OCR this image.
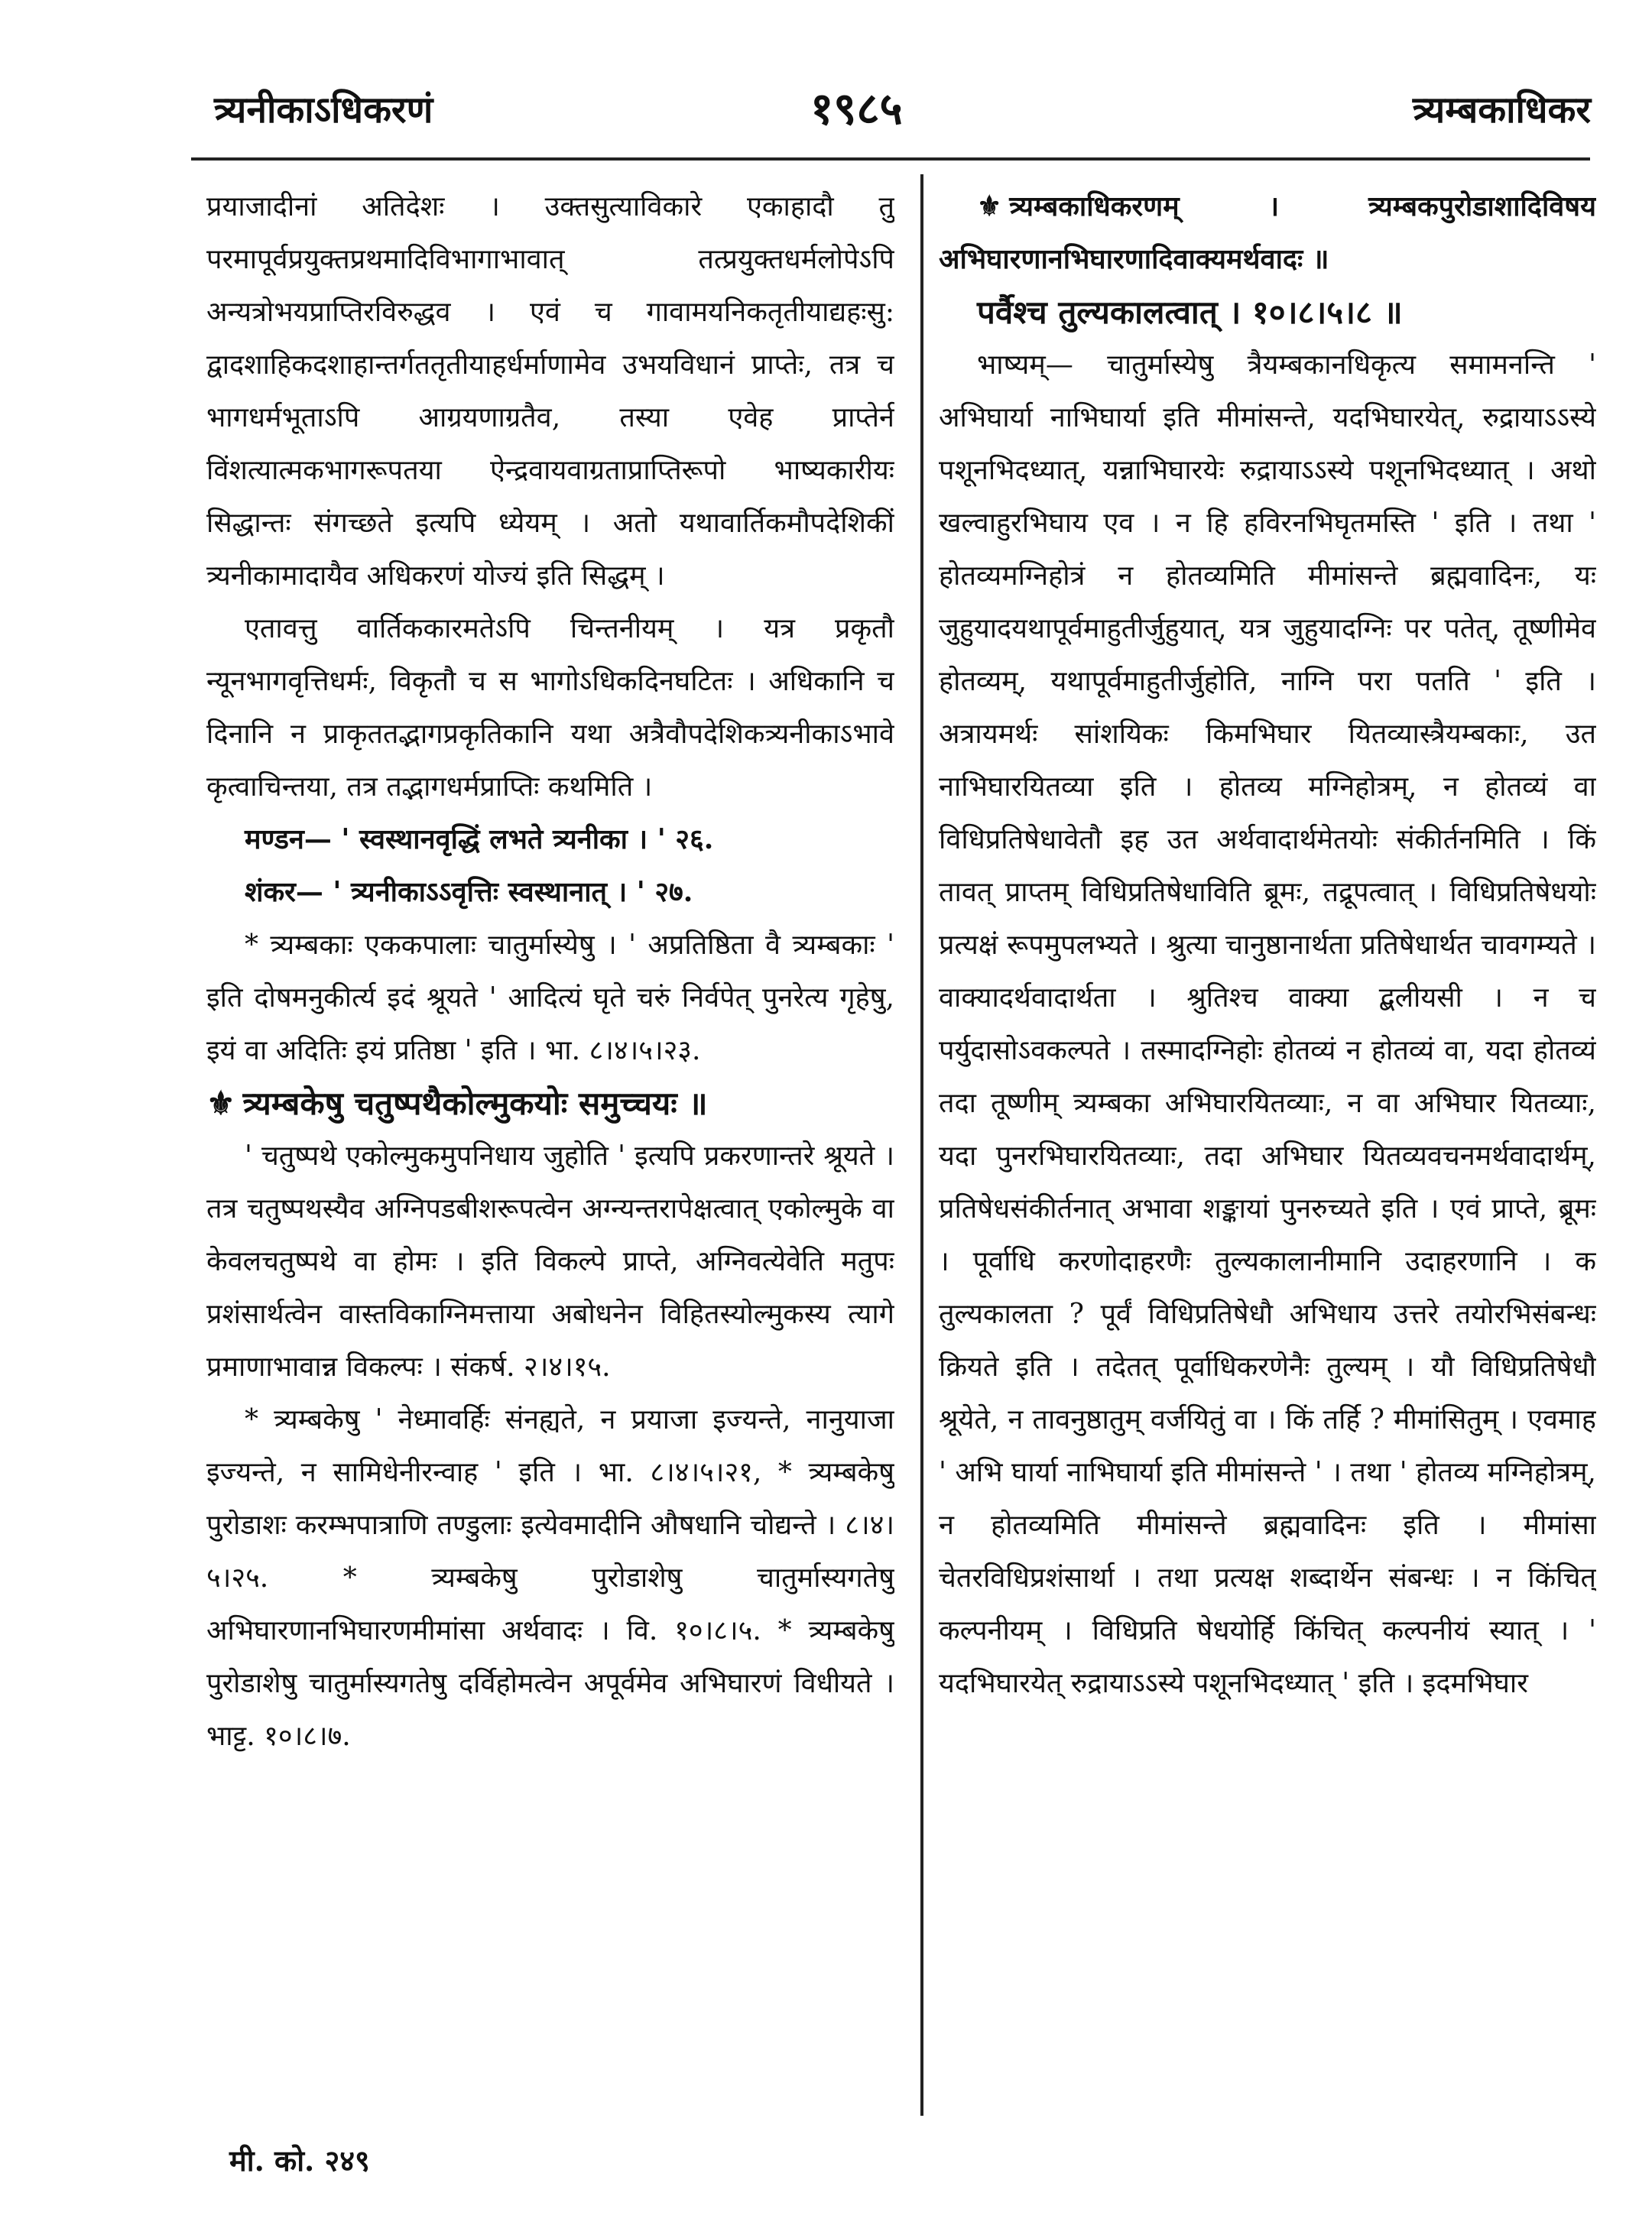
त्र्यनीकाऽधिकरणं	१९८५	त्र्यम्बकाधिकर

प्रयाजादीनां अतिदेशः । उक्तसुत्याविकारे एकाहादौ तु परमापूर्वप्रयुक्तप्रथमादिविभागाभावात् तत्प्रयुक्तधर्मलोपेऽपि अन्यत्रोभयप्राप्तिरविरुद्धव । एवं च गावामयनिकतृतीयाद्यहःसु: द्वादशाहिकदशाहान्तर्गततृतीयाहर्धर्माणामेव उभयविधानं प्राप्तेः, तत्र च भागधर्मभूताऽपि आग्रयणाग्रतैव, तस्या एवेह प्राप्तेर्न विंशत्यात्मकभागरूपतया ऐन्द्रवायवाग्रताप्राप्तिरूपो भाष्यकारीयः सिद्धान्तः संगच्छते इत्यपि ध्येयम् । अतो यथावार्तिकमौपदेशिकीं त्र्यनीकामादायैव अधिकरणं योज्यं इति सिद्धम् ।

एतावत्तु वार्तिककारमतेऽपि चिन्तनीयम् । यत्र प्रकृतौ न्यूनभागवृत्तिधर्मः, विकृतौ च स भागोऽधिकदिनघटितः । अधिकानि च दिनानि न प्राकृततद्भागप्रकृतिकानि यथा अत्रैवौपदेशिकत्र्यनीकाऽभावे कृत्वाचिन्तया, तत्र तद्भागधर्मप्राप्तिः कथमिति ।

मण्डन— ' स्वस्थानवृद्धिं लभते त्र्यनीका । ' २६.

शंकर— ' त्र्यनीकाऽऽवृत्तिः स्वस्थानात् । ' २७.

* त्र्यम्बकाः एककपालाः चातुर्मास्येषु । ' अप्रतिष्ठिता वै त्र्यम्बकाः ' इति दोषमनुकीर्त्य इदं श्रूयते ' आदित्यं घृते चरुं निर्वपेत् पुनरेत्य गृहेषु, इयं वा अदितिः इयं प्रतिष्ठा ' इति । भा. ८।४।५।२३.

⚜ त्र्यम्बकेषु चतुष्पथैकोल्मुकयोः समुच्चयः ॥

' चतुष्पथे एकोल्मुकमुपनिधाय जुहोति ' इत्यपि प्रकरणान्तरे श्रूयते । तत्र चतुष्पथस्यैव अग्निपडबीशरूपत्वेन अग्न्यन्तरापेक्षत्वात् एकोल्मुके वा केवलचतुष्पथे वा होमः । इति विकल्पे प्राप्ते, अग्निवत्येवेति मतुपः प्रशंसार्थत्वेन वास्तविकाग्निमत्ताया अबोधनेन विहितस्योल्मुकस्य त्यागे प्रमाणाभावान्न विकल्पः । संकर्ष. २।४।१५.

* त्र्यम्बकेषु ' नेध्मावर्हिः संनह्यते, न प्रयाजा इज्यन्ते, नानुयाजा इज्यन्ते, न सामिधेनीरन्वाह ' इति । भा. ८।४।५।२१, * त्र्यम्बकेषु पुरोडाशः करम्भपात्राणि तण्डुलाः इत्येवमादीनि औषधानि चोद्यन्ते । ८।४।५।२५. * त्र्यम्बकेषु पुरोडाशेषु चातुर्मास्यगतेषु अभिघारणानभिघारणमीमांसा अर्थवादः । वि. १०।८।५. * त्र्यम्बकेषु पुरोडाशेषु चातुर्मास्यगतेषु दर्विहोमत्वेन अपूर्वमेव अभिघारणं विधीयते । भाट्ट. १०।८।७.

⚜ त्र्यम्बकाधिकरणम् । त्र्यम्बकपुरोडाशादिविषय अभिघारणानभिघारणादिवाक्यमर्थवादः ॥

पर्वैश्च तुल्यकालत्वात् । १०।८।५।८ ॥

भाष्यम्— चातुर्मास्येषु त्रैयम्बकानधिकृत्य समामनन्ति ' अभिघार्या नाभिघार्या इति मीमांसन्ते, यदभिघारयेत्, रुद्रायाऽऽस्ये पशूनभिदध्यात्, यन्नाभिघारयेः रुद्रायाऽऽस्ये पशूनभिदध्यात् । अथो खल्वाहुरभिघाय एव । न हि हविरनभिघृतमस्ति ' इति । तथा ' होतव्यमग्निहोत्रं न होतव्यमिति मीमांसन्ते ब्रह्मवादिनः, यः जुहुयादयथापूर्वमाहुतीर्जुहुयात्, यत्र जुहुयादग्निः पर पतेत्, तूष्णीमेव होतव्यम्, यथापूर्वमाहुतीर्जुहोति, नाग्नि परा पतति ' इति । अत्रायमर्थः सांशयिकः किमभिघार यितव्यास्त्रैयम्बकाः, उत नाभिघारयितव्या इति । होतव्य मग्निहोत्रम्, न होतव्यं वा विधिप्रतिषेधावेतौ इह उत अर्थवादार्थमेतयोः संकीर्तनमिति । किं तावत् प्राप्तम् विधिप्रतिषेधाविति ब्रूमः, तद्रूपत्वात् । विधिप्रतिषेधयोः प्रत्यक्षं रूपमुपलभ्यते । श्रुत्या चानुष्ठानार्थता प्रतिषेधार्थत चावगम्यते । वाक्यादर्थवादार्थता । श्रुतिश्च वाक्या द्बलीयसी । न च पर्युदासोऽवकल्पते । तस्मादग्निहोः होतव्यं न होतव्यं वा, यदा होतव्यं तदा तूष्णीम् त्र्यम्बका अभिघारयितव्याः, न वा अभिघार यितव्याः, यदा पुनरभिघारयितव्याः, तदा अभिघार यितव्यवचनमर्थवादार्थम्, प्रतिषेधसंकीर्तनात् अभावा शङ्कायां पुनरुच्यते इति । एवं प्राप्ते, ब्रूमः । पूर्वाधि करणोदाहरणैः तुल्यकालानीमानि उदाहरणानि । क तुल्यकालता ? पूर्वं विधिप्रतिषेधौ अभिधाय उत्तरे तयोरभिसंबन्धः क्रियते इति । तदेतत् पूर्वाधिकरणेनैः तुल्यम् । यौ विधिप्रतिषेधौ श्रूयेते, न तावनुष्ठातुम् वर्जयितुं वा । किं तर्हि ? मीमांसितुम् । एवमाह ' अभि घार्या नाभिघार्या इति मीमांसन्ते ' । तथा ' होतव्य मग्निहोत्रम्, न होतव्यमिति मीमांसन्ते ब्रह्मवादिनः इति । मीमांसा चेतरविधिप्रशंसार्था । तथा प्रत्यक्ष शब्दार्थेन संबन्धः । न किंचित् कल्पनीयम् । विधिप्रति षेधयोर्हि किंचित् कल्पनीयं स्यात् । ' यदभिघारयेत् रुद्रायाऽऽस्ये पशूनभिदध्यात् ' इति । इदमभिघार

मी. को. २४९
